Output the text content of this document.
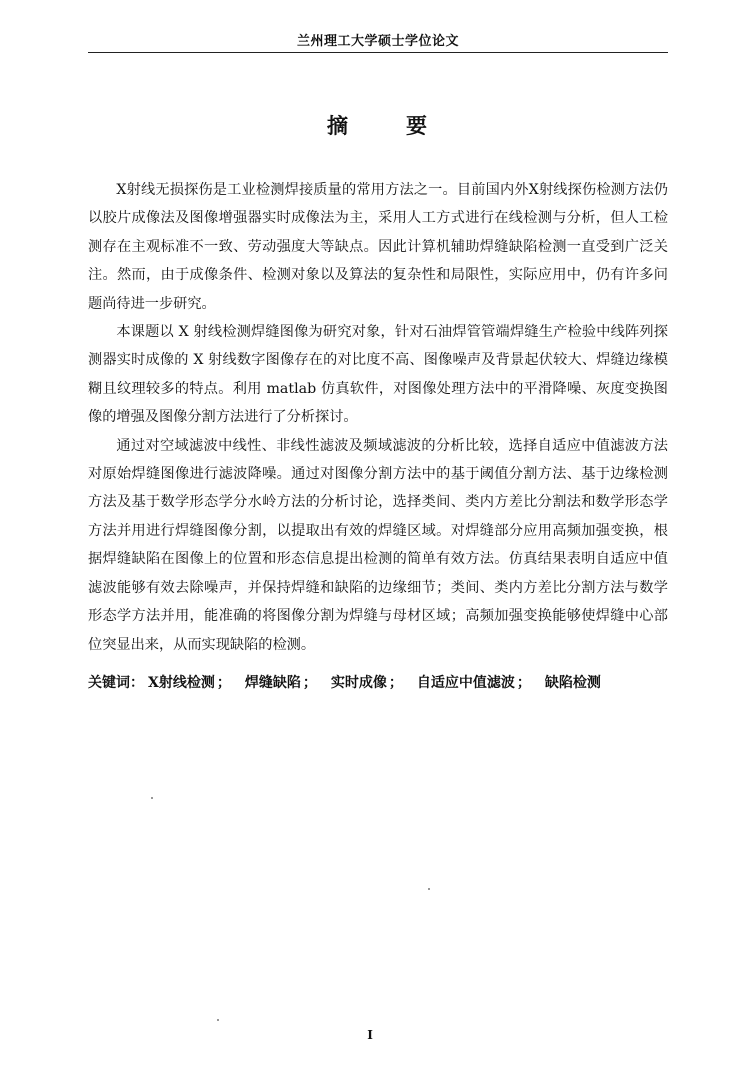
兰州理工大学硕士学位论文
摘	要

X射线无损探伤是工业检测焊接质量的常用方法之一。目前国内外X射线探伤检测方法仍以胶片成像法及图像增强器实时成像法为主，采用人工方式进行在线检测与分析，但人工检测存在主观标准不一致、劳动强度大等缺点。因此计算机辅助焊缝缺陷检测一直受到广泛关注。然而，由于成像条件、检测对象以及算法的复杂性和局限性，实际应用中，仍有许多问题尚待进一步研究。

本课题以 X 射线检测焊缝图像为研究对象，针对石油焊管管端焊缝生产检验中线阵列探测器实时成像的 X 射线数字图像存在的对比度不高、图像噪声及背景起伏较大、焊缝边缘模糊且纹理较多的特点。利用 matlab 仿真软件，对图像处理方法中的平滑降噪、灰度变换图像的增强及图像分割方法进行了分析探讨。

通过对空域滤波中线性、非线性滤波及频域滤波的分析比较，选择自适应中值滤波方法对原始焊缝图像进行滤波降噪。通过对图像分割方法中的基于阈值分割方法、基于边缘检测方法及基于数学形态学分水岭方法的分析讨论，选择类间、类内方差比分割法和数学形态学方法并用进行焊缝图像分割，以提取出有效的焊缝区域。对焊缝部分应用高频加强变换，根据焊缝缺陷在图像上的位置和形态信息提出检测的简单有效方法。仿真结果表明自适应中值滤波能够有效去除噪声，并保持焊缝和缺陷的边缘细节；类间、类内方差比分割方法与数学形态学方法并用，能准确的将图像分割为焊缝与母材区域；高频加强变换能够使焊缝中心部位突显出来，从而实现缺陷的检测。

关键词： X射线检测 ； 焊缝缺陷 ； 实时成像 ； 自适应中值滤波 ； 缺陷检测
I
